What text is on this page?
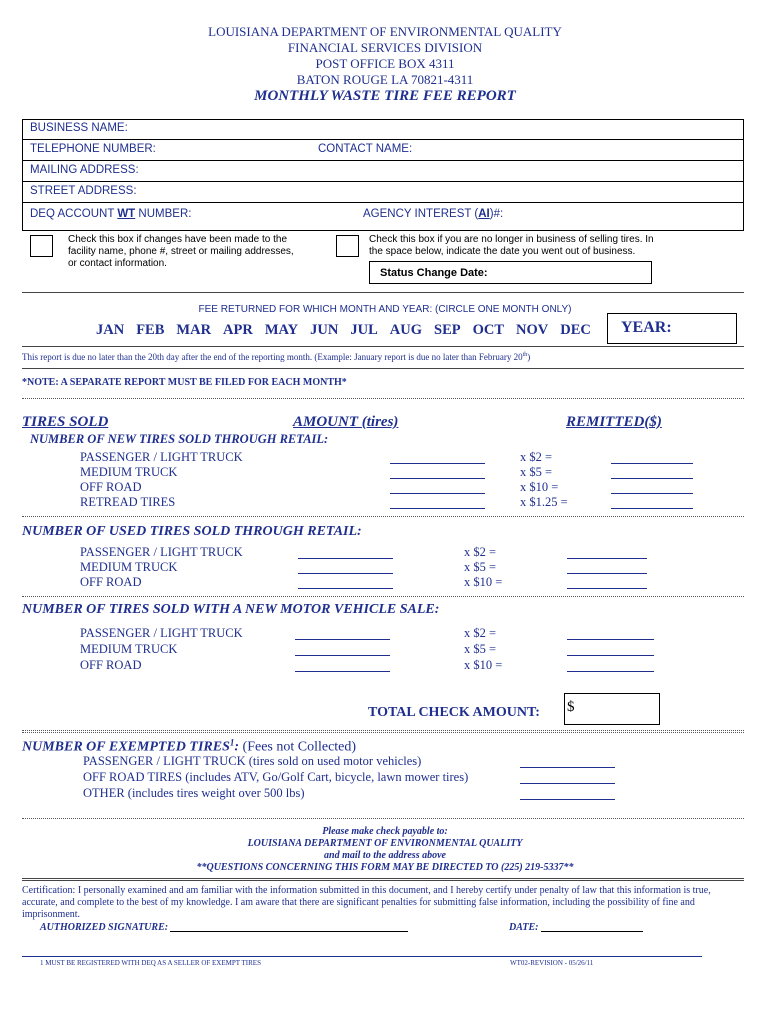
LOUISIANA DEPARTMENT OF ENVIRONMENTAL QUALITY
FINANCIAL SERVICES DIVISION
POST OFFICE BOX 4311
BATON ROUGE LA 70821-4311
MONTHLY WASTE TIRE FEE REPORT
BUSINESS NAME:
TELEPHONE NUMBER:	CONTACT NAME:
MAILING ADDRESS:
STREET ADDRESS:
DEQ ACCOUNT WT NUMBER:	AGENCY INTEREST (AI)#:
Check this box if changes have been made to the facility name, phone #, street or mailing addresses, or contact information.
Check this box if you are no longer in business of selling tires. In the space below, indicate the date you went out of business.
Status Change Date:
FEE RETURNED FOR WHICH MONTH AND YEAR: (CIRCLE ONE MONTH ONLY)
JAN FEB MAR APR MAY JUN JUL AUG SEP OCT NOV DEC	YEAR:
This report is due no later than the 20th day after the end of the reporting month. (Example: January report is due no later than February 20th)
*NOTE: A SEPARATE REPORT MUST BE FILED FOR EACH MONTH*
TIRES SOLD	AMOUNT (tires)	REMITTED($)
NUMBER OF NEW TIRES SOLD THROUGH RETAIL:
PASSENGER / LIGHT TRUCK	x $2 =
MEDIUM TRUCK	x $5 =
OFF ROAD	x $10 =
RETREAD TIRES	x $1.25 =
NUMBER OF USED TIRES SOLD THROUGH RETAIL:
PASSENGER / LIGHT TRUCK	x $2 =
MEDIUM TRUCK	x $5 =
OFF ROAD	x $10 =
NUMBER OF TIRES SOLD WITH A NEW MOTOR VEHICLE SALE:
PASSENGER / LIGHT TRUCK	x $2 =
MEDIUM TRUCK	x $5 =
OFF ROAD	x $10 =
TOTAL CHECK AMOUNT: $
NUMBER OF EXEMPTED TIRES$^1$: (Fees not Collected)
PASSENGER / LIGHT TRUCK (tires sold on used motor vehicles)
OFF ROAD TIRES (includes ATV, Go/Golf Cart, bicycle, lawn mower tires)
OTHER (includes tires weight over 500 lbs)
Please make check payable to:
LOUISIANA DEPARTMENT OF ENVIRONMENTAL QUALITY
and mail to the address above
**QUESTIONS CONCERNING THIS FORM MAY BE DIRECTED TO (225) 219-5337**
Certification: I personally examined and am familiar with the information submitted in this document, and I hereby certify under penalty of law that this information is true, accurate, and complete to the best of my knowledge. I am aware that there are significant penalties for submitting false information, including the possibility of fine and imprisonment.
AUTHORIZED SIGNATURE:	DATE:
1 MUST BE REGISTERED WITH DEQ AS A SELLER OF EXEMPT TIRES	WT02-REVISION - 05/26/11
